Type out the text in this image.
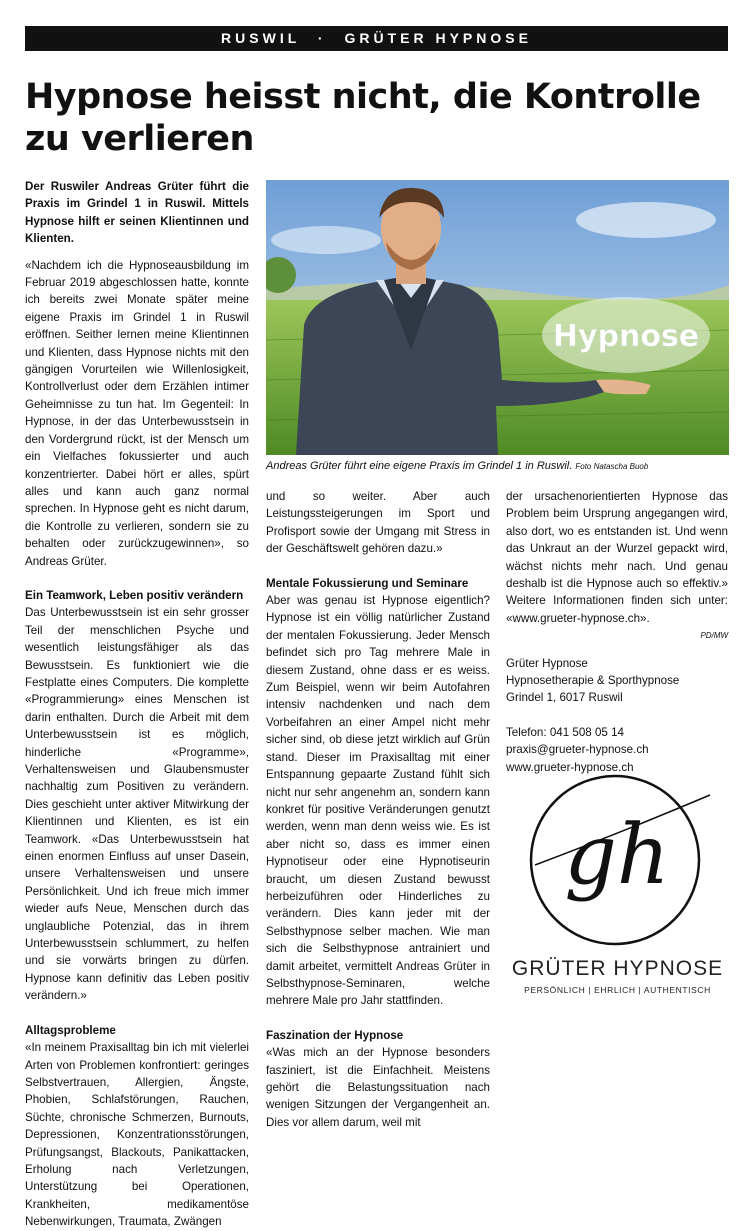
RUSWIL · GRÜTER HYPNOSE
Hypnose heisst nicht, die Kontrolle
zu verlieren

Der Ruswiler Andreas Grüter führt die Praxis im Grindel 1 in Ruswil. Mittels Hypnose hilft er seinen Klientinnen und Klienten.

«Nachdem ich die Hypnoseausbildung im Februar 2019 abgeschlossen hatte, konnte ich bereits zwei Monate später meine eigene Praxis im Grindel 1 in Ruswil eröffnen. Seither lernen meine Klientinnen und Klienten, dass Hypnose nichts mit den gängigen Vorurteilen wie Willenlosigkeit, Kontrollverlust oder dem Erzählen intimer Geheimnisse zu tun hat. Im Gegenteil: In Hypnose, in der das Unterbewusstsein in den Vordergrund rückt, ist der Mensch um ein Vielfaches fokussierter und auch konzentrierter. Dabei hört er alles, spürt alles und kann auch ganz normal sprechen. In Hypnose geht es nicht darum, die Kontrolle zu verlieren, sondern sie zu behalten oder zurückzugewinnen», so Andreas Grüter.

Ein Teamwork, Leben positiv verändern

Das Unterbewusstsein ist ein sehr grosser Teil der menschlichen Psyche und wesentlich leistungsfähiger als das Bewusstsein. Es funktioniert wie die Festplatte eines Computers. Die komplette «Programmierung» eines Menschen ist darin enthalten. Durch die Arbeit mit dem Unterbewusstsein ist es möglich, hinderliche «Programme», Verhaltensweisen und Glaubensmuster nachhaltig zum Positiven zu verändern. Dies geschieht unter aktiver Mitwirkung der Klientinnen und Klienten, es ist ein Teamwork. «Das Unterbewusstsein hat einen enormen Einfluss auf unser Dasein, unsere Verhaltensweisen und unsere Persönlichkeit. Und ich freue mich immer wieder aufs Neue, Menschen durch das unglaubliche Potenzial, das in ihrem Unterbewusstsein schlummert, zu helfen und sie vorwärts bringen zu dürfen. Hypnose kann definitiv das Leben positiv verändern.»

Alltagsprobleme

«In meinem Praxisalltag bin ich mit vielerlei Arten von Problemen konfrontiert: geringes Selbstvertrauen, Allergien, Ängste, Phobien, Schlafstörungen, Rauchen, Süchte, chronische Schmerzen, Burnouts, Depressionen, Konzentrationsstörungen, Prüfungsangst, Blackouts, Panikattacken, Erholung nach Verletzungen, Unterstützung bei Operationen, Krankheiten, medikamentöse Nebenwirkungen, Traumata, Zwängen

Hypnose
Andreas Grüter führt eine eigene Praxis im Grindel 1 in Ruswil. Foto Natascha Buob

und so weiter. Aber auch Leistungssteigerungen im Sport und Profisport sowie der Umgang mit Stress in der Geschäftswelt gehören dazu.»

Mentale Fokussierung und Seminare

Aber was genau ist Hypnose eigentlich? Hypnose ist ein völlig natürlicher Zustand der mentalen Fokussierung. Jeder Mensch befindet sich pro Tag mehrere Male in diesem Zustand, ohne dass er es weiss. Zum Beispiel, wenn wir beim Autofahren intensiv nachdenken und nach dem Vorbeifahren an einer Ampel nicht mehr sicher sind, ob diese jetzt wirklich auf Grün stand. Dieser im Praxisalltag mit einer Entspannung gepaarte Zustand fühlt sich nicht nur sehr angenehm an, sondern kann konkret für positive Veränderungen genutzt werden, wenn man denn weiss wie. Es ist aber nicht so, dass es immer einen Hypnotiseur oder eine Hypnotiseurin braucht, um diesen Zustand bewusst herbeizuführen oder Hinderliches zu verändern. Dies kann jeder mit der Selbsthypnose selber machen. Wie man sich die Selbsthypnose antrainiert und damit arbeitet, vermittelt Andreas Grüter in Selbsthypnose-Seminaren, welche mehrere Male pro Jahr stattfinden.

Faszination der Hypnose

«Was mich an der Hypnose besonders fasziniert, ist die Einfachheit. Meistens gehört die Belastungssituation nach wenigen Sitzungen der Vergangenheit an. Dies vor allem darum, weil mit

der ursachenorientierten Hypnose das Problem beim Ursprung angegangen wird, also dort, wo es entstanden ist. Und wenn das Unkraut an der Wurzel gepackt wird, wächst nichts mehr nach. Und genau deshalb ist die Hypnose auch so effektiv.» Weitere Informationen finden sich unter: «www.grueter-hypnose.ch».

PD/MW

Grüter Hypnose

Hypnosetherapie & Sporthypnose

Grindel 1, 6017 Ruswil

Telefon: 041 508 05 14

praxis@grueter-hypnose.ch

www.grueter-hypnose.ch

gh
GRÜTER HYPNOSE
PERSÖNLICH | EHRLICH | AUTHENTISCH
